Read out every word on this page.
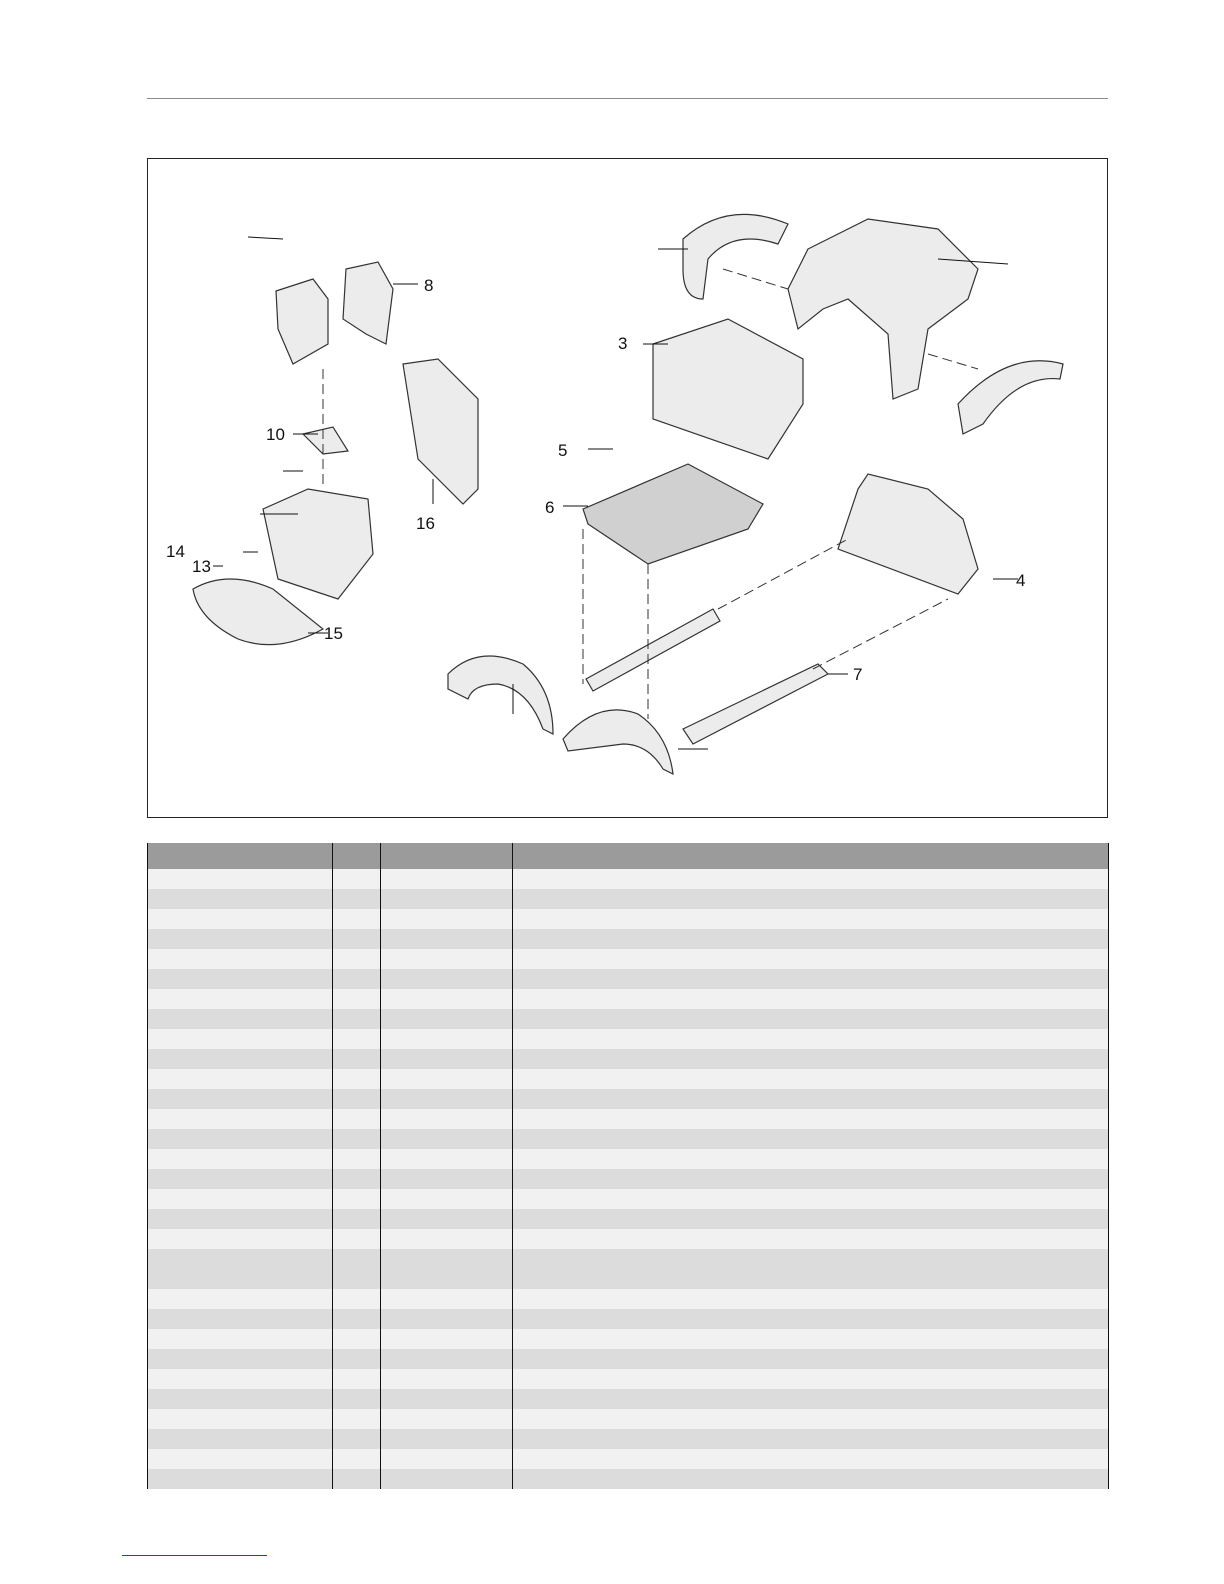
3
4
5
6
7
8
10
13
14
15
16
